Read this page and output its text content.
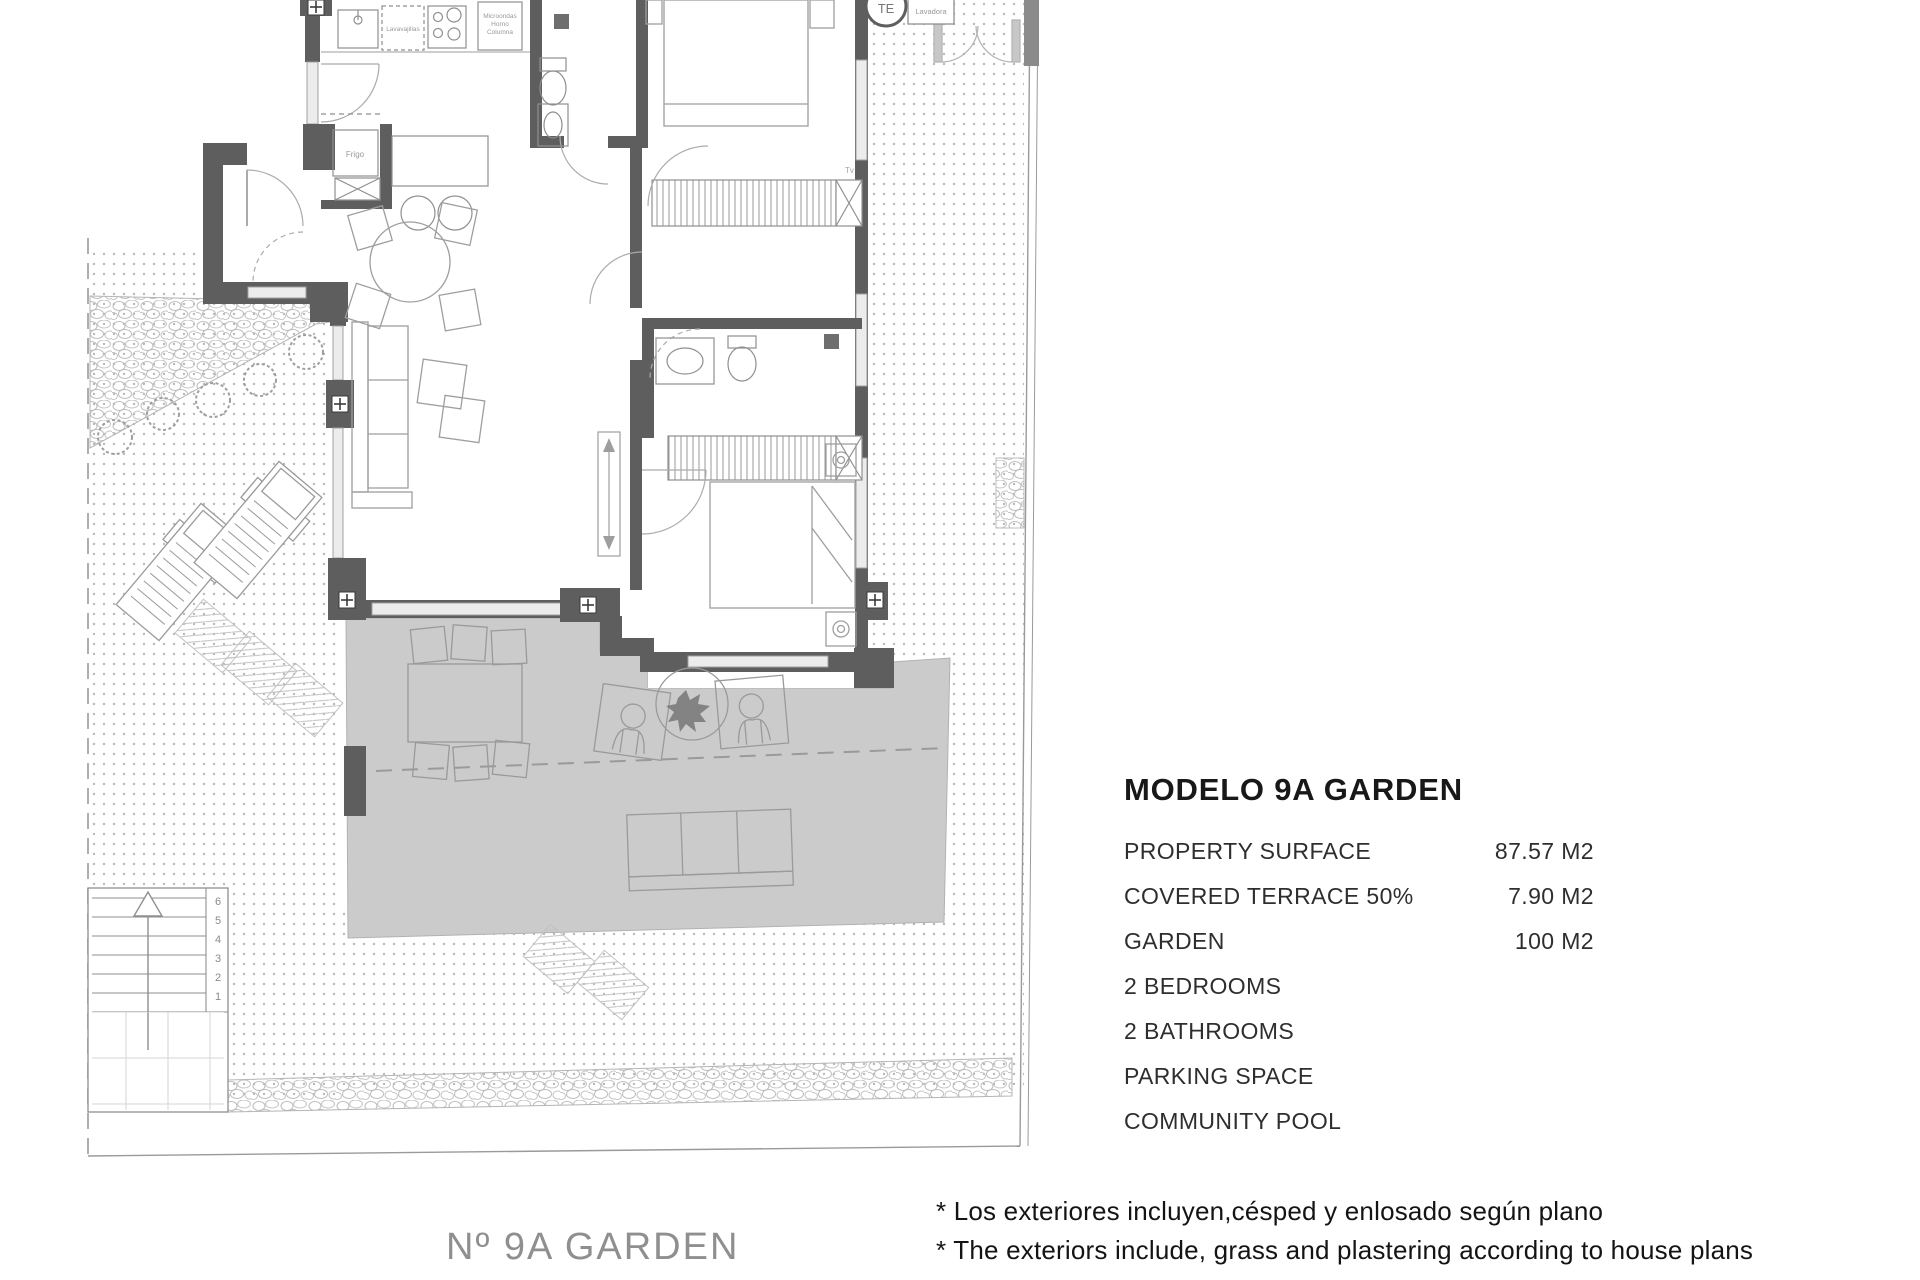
Lavavajillas
Microondas
Horno
Columna
Frigo
Tv
6
5
4
3
2
1
TE	Lavadora
MODELO 9A GARDEN
PROPERTY SURFACE	87.57 M2
COVERED TERRACE 50%	7.90 M2
GARDEN	100 M2
2 BEDROOMS
2 BATHROOMS
PARKING SPACE
COMMUNITY POOL
* Los exteriores incluyen,césped y enlosado según plano
* The exteriors include, grass and plastering according to house plans
Nº 9A GARDEN
